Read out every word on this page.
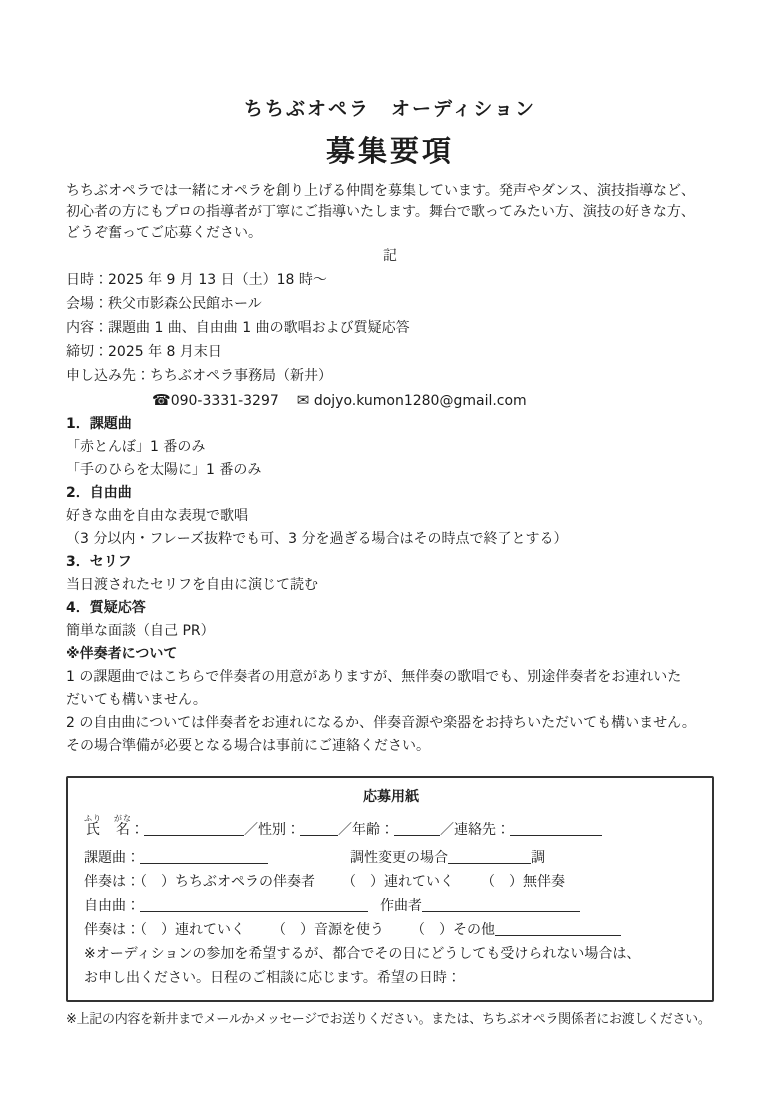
ちちぶオペラ　オーディション
募集要項
ちちぶオペラでは一緒にオペラを創り上げる仲間を募集しています。発声やダンス、演技指導など、
初心者の方にもプロの指導者が丁寧にご指導いたします。舞台で歌ってみたい方、演技の好きな方、
どうぞ奮ってご応募ください。
記
日時：2025 年 9 月 13 日（土）18 時～
会場：秩父市影森公民館ホール
内容：課題曲 1 曲、自由曲 1 曲の歌唱および質疑応答
締切：2025 年 8 月末日
申し込み先：ちちぶオペラ事務局（新井）
☎090-3331-3297 ✉ dojyo.kumon1280@gmail.com
1．課題曲
「赤とんぼ」1 番のみ
「手のひらを太陽に」1 番のみ
2．自由曲
好きな曲を自由な表現で歌唱
（3 分以内・フレーズ抜粋でも可、3 分を過ぎる場合はその時点で終了とする）
3．セリフ
当日渡されたセリフを自由に演じて読む
4．質疑応答
簡単な面談（自己 PR）
※伴奏者について
1 の課題曲ではこちらで伴奏者の用意がありますが、無伴奏の歌唱でも、別途伴奏者をお連れいた
だいても構いません。
2 の自由曲については伴奏者をお連れになるか、伴奏音源や楽器をお持ちいただいても構いません。
その場合準備が必要となる場合は事前にご連絡ください。
応募用紙
氏ふり名がな：	／性別：	／年齢：	／連絡先：
課題曲：	調性変更の場合	調
伴奏は：（　）ちちぶオペラの伴奏者 （　）連れていく （　）無伴奏
自由曲：	作曲者
伴奏は：（　）連れていく （　）音源を使う （　）その他
※オーディションの参加を希望するが、都合でその日にどうしても受けられない場合は、
お申し出ください。日程のご相談に応じます。希望の日時：
※上記の内容を新井までメールかメッセージでお送りください。または、ちちぶオペラ関係者にお渡しください。
